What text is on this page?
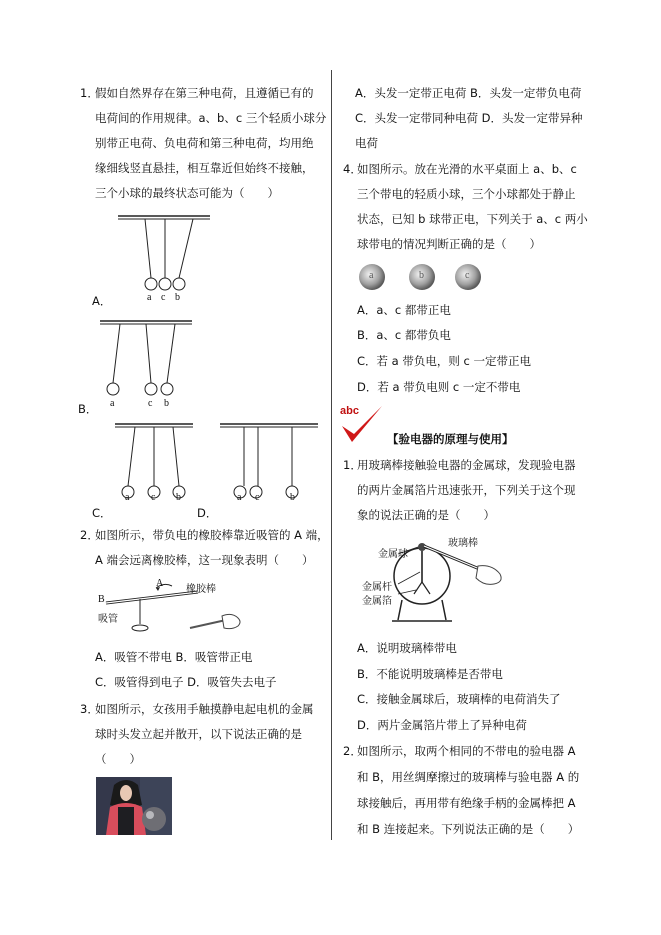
1．
假如自然界存在第三种电荷，且遵循已有的
电荷间的作用规律。a、b、c 三个轻质小球分
别带正电荷、负电荷和第三种电荷，均用绝
缘细线竖直悬挂，相互靠近但始终不接触，
三个小球的最终状态可能为（　　）
A．	a c b
B． a	c b
C．
a c b
D．
a c	b
2．
如图所示，带负电的橡胶棒靠近吸管的 A 端，
A 端会远离橡胶棒，这一现象表明（　　）
B
A
吸管
橡胶棒
A．吸管不带电 B．吸管带正电
C．吸管得到电子 D．吸管失去电子
3．
如图所示，女孩用手触摸静电起电机的金属
球时头发立起并散开，以下说法正确的是
（　　）
A．头发一定带正电荷 B．头发一定带负电荷
C．头发一定带同种电荷 D．头发一定带异种
电荷
4．
如图所示。放在光滑的水平桌面上 a、b、c
三个带电的轻质小球，三个小球都处于静止
状态，已知 b 球带正电，下列关于 a、c 两小
球带电的情况判断正确的是（　　）
a	b	c
A．a、c 都带正电
B．a、c 都带负电
C．若 a 带负电，则 c 一定带正电
D．若 a 带负电则 c 一定不带电
abc
【验电器的原理与使用】
1．
用玻璃棒接触验电器的金属球，发现验电器
的两片金属箔片迅速张开，下列关于这个现
象的说法正确的是（　　）
金属球
玻璃棒
金属杆
金属箔
A．说明玻璃棒带电
B．不能说明玻璃棒是否带电
C．接触金属球后，玻璃棒的电荷消失了
D．两片金属箔片带上了异种电荷
2．
如图所示，取两个相同的不带电的验电器 A
和 B，用丝绸摩擦过的玻璃棒与验电器 A 的
球接触后，再用带有绝缘手柄的金属棒把 A
和 B 连接起来。下列说法正确的是（　　）
